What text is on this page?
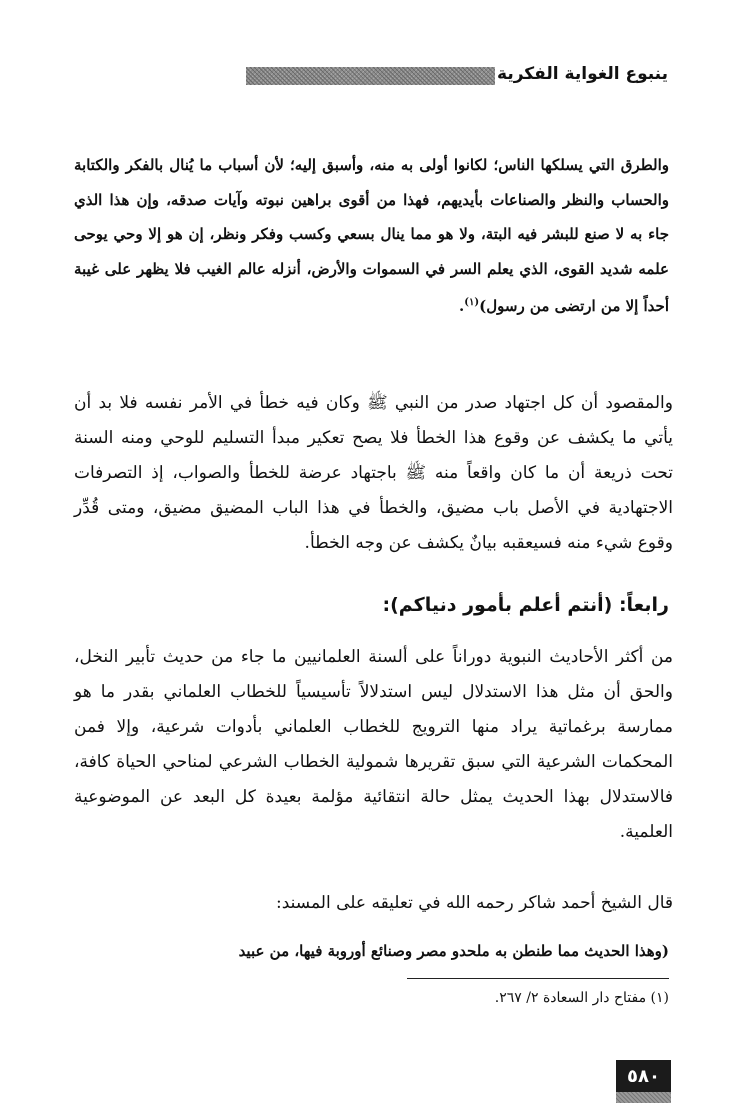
ينبوع الغواية الفكرية
والطرق التي يسلكها الناس؛ لكانوا أولى به منه، وأسبق إليه؛ لأن أسباب ما يُنال بالفكر والكتابة والحساب والنظر والصناعات بأيديهم، فهذا من أقوى براهين نبوته وآيات صدقه، وإن هذا الذي جاء به لا صنع للبشر فيه البتة، ولا هو مما ينال بسعي وكسب وفكر ونظر، إن هو إلا وحي يوحى علمه شديد القوى، الذي يعلم السر في السموات والأرض، أنزله عالم الغيب فلا يظهر على غيبة أحداً إلا من ارتضى من رسول)$^{(١)}$.
والمقصود أن كل اجتهاد صدر من النبي ﷺ وكان فيه خطأ في الأمر نفسه فلا بد أن يأتي ما يكشف عن وقوع هذا الخطأ فلا يصح تعكير مبدأ التسليم للوحي ومنه السنة تحت ذريعة أن ما كان واقعاً منه ﷺ باجتهاد عرضة للخطأ والصواب، إذ التصرفات الاجتهادية في الأصل باب مضيق، والخطأ في هذا الباب المضيق مضيق، ومتى قُدِّر وقوع شيء منه فسيعقبه بيانٌ يكشف عن وجه الخطأ.
رابعاً: (أنتم أعلم بأمور دنياكم):
من أكثر الأحاديث النبوية دوراناً على ألسنة العلمانيين ما جاء من حديث تأبير النخل، والحق أن مثل هذا الاستدلال ليس استدلالاً تأسيسياً للخطاب العلماني بقدر ما هو ممارسة برغماتية يراد منها الترويج للخطاب العلماني بأدوات شرعية، وإلا فمن المحكمات الشرعية التي سبق تقريرها شمولية الخطاب الشرعي لمناحي الحياة كافة، فالاستدلال بهذا الحديث يمثل حالة انتقائية مؤلمة بعيدة كل البعد عن الموضوعية العلمية.
قال الشيخ أحمد شاكر رحمه الله في تعليقه على المسند:
(وهذا الحديث مما طنطن به ملحدو مصر وصنائع أوروبة فيها، من عبيد
(١) مفتاح دار السعادة ٢/ ٢٦٧.
٥٨٠
